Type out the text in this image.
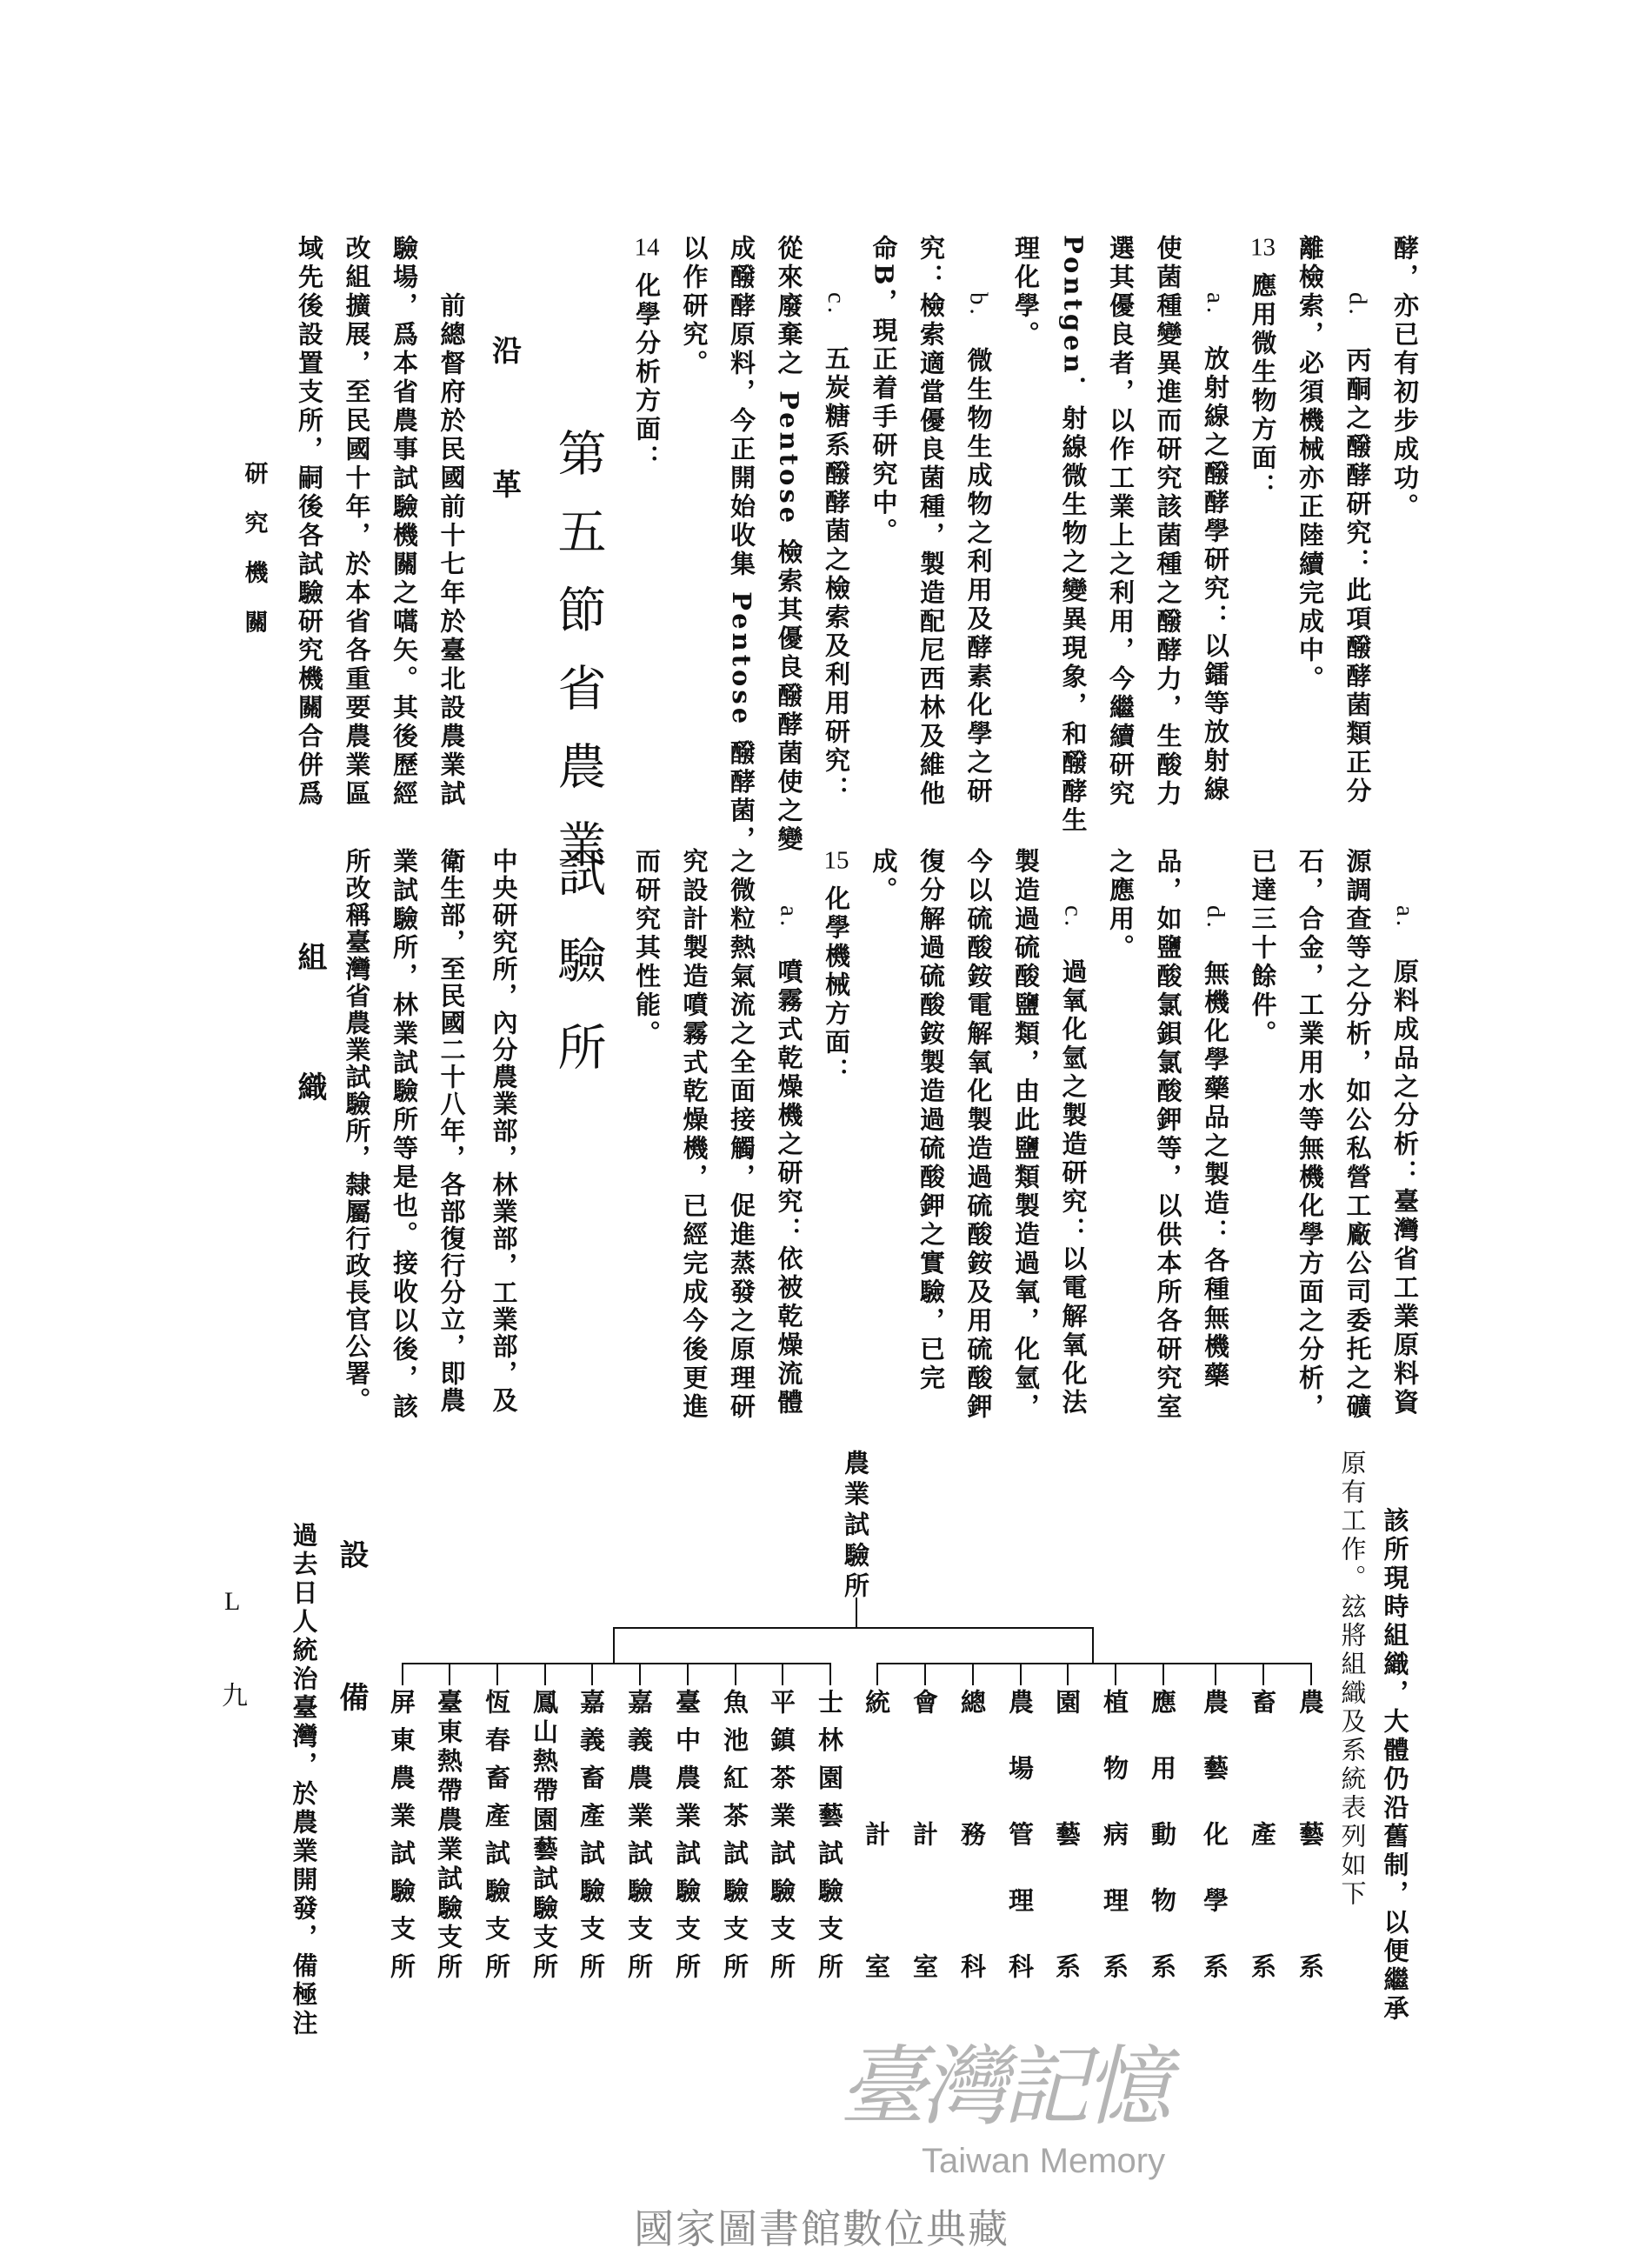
酵，亦已有初步成功。
d.丙酮之醱酵研究：此項醱酵菌類正分
離檢索，必須機械亦正陸續完成中。
13應用微生物方面：
a.放射線之醱酵學研究：以鐳等放射線
使菌種變異進而研究該菌種之醱酵力，生酸力
選其優良者，以作工業上之利用，今繼續研究
Pontgen．射線微生物之變異現象，和醱酵生
理化學。
b.微生物生成物之利用及酵素化學之研
究：檢索適當優良菌種，製造配尼西林及維他
命B，現正着手研究中。
c.五炭糖系醱酵菌之檢索及利用研究：
從來廢棄之 Pentose 檢索其優良醱酵菌使之變
成醱酵原料，今正開始收集 Pentose 醱酵菌，
以作研究。
14化學分析方面：
第五節省農業
沿革
前總督府於民國前十七年於臺北設農業試
驗場，爲本省農事試驗機關之嚆矢。其後歷經
改組擴展，至民國十年，於本省各重要農業區
域先後設置支所，嗣後各試驗研究機關合併爲
研究機關
a.原料成品之分析：臺灣省工業原料資
源調查等之分析，如公私營工廠公司委托之礦
石，合金，工業用水等無機化學方面之分析，
已達三十餘件。
d.無機化學藥品之製造：各種無機藥
品，如鹽酸氯鋇氯酸鉀等，以供本所各研究室
之應用。
c.過氧化氫之製造研究：以電解氧化法
製造過硫酸鹽類，由此鹽類製造過氧，化氫，
今以硫酸銨電解氧化製造過硫酸銨及用硫酸鉀
復分解過硫酸銨製造過硫酸鉀之實驗，已完
成。
15化學機械方面：
a.噴霧式乾燥機之研究：依被乾燥流體
之微粒熱氣流之全面接觸，促進蒸發之原理研
究設計製造噴霧式乾燥機，已經完成今後更進
而研究其性能。
試驗所
中央研究所，內分農業部，林業部，工業部，及
衛生部，至民國二十八年，各部復行分立，即農
業試驗所，林業試驗所等是也。接收以後，該
所改稱臺灣省農業試驗所，隸屬行政長官公署。
組織
該所現時組織，大體仍沿舊制，以便繼承
原有工作。玆將組織及系統表列如下
農業試驗所
農藝系
畜產系
農藝化學系
應用動物系
植物病理系
園藝系
農場管理科
總務科
會計室
統計室
士林園藝試驗支所
平鎮茶業試驗支所
魚池紅茶試驗支所
臺中農業試驗支所
嘉義農業試驗支所
嘉義畜產試驗支所
鳳山熱帶園藝試驗支所
恆春畜產試驗支所
臺東熱帶農業試驗支所
屏東農業試驗支所
設備
過去日人統治臺灣，於農業開發，備極注
L
九
臺灣記憶
Taiwan Memory
國家圖書館數位典藏
